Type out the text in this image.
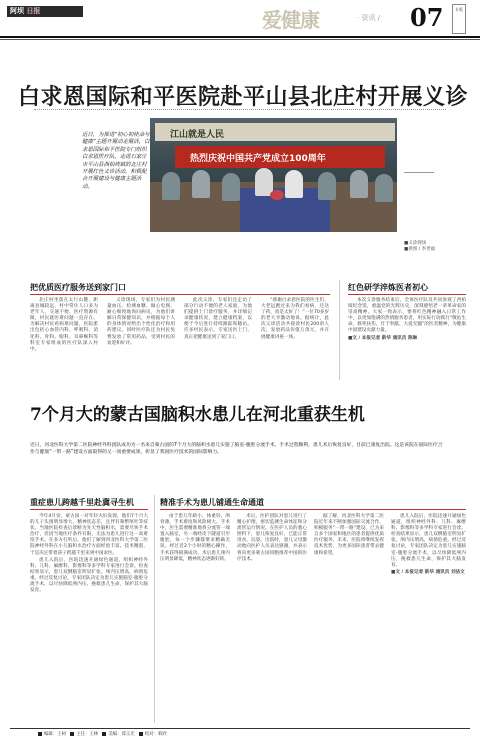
阿坝 日报	爱健康	· 资讯 / 07	专版
白求恩国际和平医院赴平山县北庄村开展义诊
近日，为推进“初心初使命与健康”主题开展动走展活，白求恩国际和平医院专门组织白求恩医疗队，走进石家庄市平山县西柏坡镇的北庄村开展红色义诊活动，积极配合开展建设与健康主题活动。
江山就是人民
热烈庆祝中国共产党成立100周年
■义诊现场
■供图 / 李世福
把优质医疗服务送到家门口	红色研学淬炼医者初心

北庄村坐落在太行山麓，距离县城较远，村中常住人口多为老年人，交通不便、医疗资源有限，村民就医难问题一直存在。为解决村民看病难问题，医院派出包括心血管内科、呼吸科、消化科、骨科、眼科、耳鼻喉科等科室专家组成的医疗队深入村中。

义诊现场，专家们为村民测量血压、检测血糖、做心电图，耐心细致地询问病史，为他们讲解日常保健知识，并根据每个人的身体情况给出个性化治疗和用药建议。同时医疗队还为村民免费发放了常用药品，受到村民的欢迎和好评。

此次义诊，专家们还走访了部分行动不便的老人家庭，为他们提供上门诊疗服务，并详细记录健康状况，建立健康档案，以便于今后进行持续跟踪和随访。许多村民表示，专家送医上门，真正把健康送到了家门口。

“感谢白求恩医院的医生们，大老远跑过来为我们看病，还送了药，真是太好了！”一位70多岁的老大爷激动地说。据统计，此次义诊活动共接诊村民200余人次，发放药品价值万余元，并开展健康讲座一场。

本次义诊服务结束后，全体医疗队员共同参观了西柏坡纪念馆，重温党的光辉历史，深刻感悟老一辈革命家的崇高精神。大家一致表示，要将红色精神融入日常工作中，以更加饱满的热情服务患者，用实际行动践行“敬佑生命、救死扶伤、甘于奉献、大爱无疆”的医者精神，为健康中国建设贡献力量。

■文 / 本报记者 新华 通讯员 陈琳
7个月大的蒙古国脑积水患儿在河北重获生机
近日，河北医科大学第二医院神经外科团队成功为一名来自蒙古国的7个月大的脑积水患儿实施了脑室-腹腔分流手术，手术过程顺利，患儿术后恢复良好，目前已康复出院。这是该院在国际医疗合作与健康“一带一路”建设方面取得的又一项重要成果，彰显了我国医疗技术的国际影响力。
重症患儿跨越千里赴冀寻生机	精准手术为患儿铺通生命通道

今年4月份，蒙古国一对年轻夫妇发现，他们7个月大的儿子头围明显增大，精神状态差，且伴有频繁呕吐等症状。当地医院检查后诊断为先天性脑积水，需要尽快手术治疗，但因当地医疗条件有限，无法为患儿进行这一高难度手术。在多方打听后，他们了解到河北医科大学第二医院神经外科在小儿脑积水治疗方面经验丰富、技术精湛，于是决定带着孩子跨越千里来到中国求医。

患儿入院后，医院迅速开通绿色通道，组织神经外科、儿科、麻醉科、影像科等多学科专家进行会诊。检查结果显示，患儿双侧脑室明显扩张，颅内压增高，病情危重。经过反复讨论，专家团队决定为患儿实施脑室-腹腔分流手术，以尽快降低颅内压，挽救患儿生命，保护其大脑发育。

由于患儿年龄小、体重轻、颅骨薄，手术难度和风险极大。手术中，医生需要精准地将分流管一端置入脑室，另一端经皮下隧道引至腹腔，每一个步骤都要求精确无误。经过近2个小时的精心操作，手术获得圆满成功，术后患儿颅内压明显降低，精神状态逐渐好转。

术后，医护团队对患儿进行了精心护理，密切监测生命体征和分流管运行情况。在医护人员的悉心照料下，患儿恢复良好，已能正常进食、玩耍。出院时，患儿父母激动地向医护人员表达感谢，并表示将向更多蒙古国同胞推荐中国的医疗技术。

据了解，河北医科大学第二医院近年来不断加强国际交流合作，积极服务“一带一路”建设，已为来自多个国家和地区的患者提供优质医疗服务。未来，医院将继续发挥技术优势，为更多国际患者带去健康和希望。

患儿入院后，医院迅速开通绿色通道，组织神经外科、儿科、麻醉科、影像科等多学科专家进行会诊。检查结果显示，患儿双侧脑室明显扩张，颅内压增高，病情危重。经过反复讨论，专家团队决定为患儿实施脑室-腹腔分流手术，以尽快降低颅内压，挽救患儿生命，保护其大脑发育。

■文 / 本报记者 新华 通讯员 刘洁文
编辑：王树 主任：王林 美编：郑玉光 校对：韩欣
